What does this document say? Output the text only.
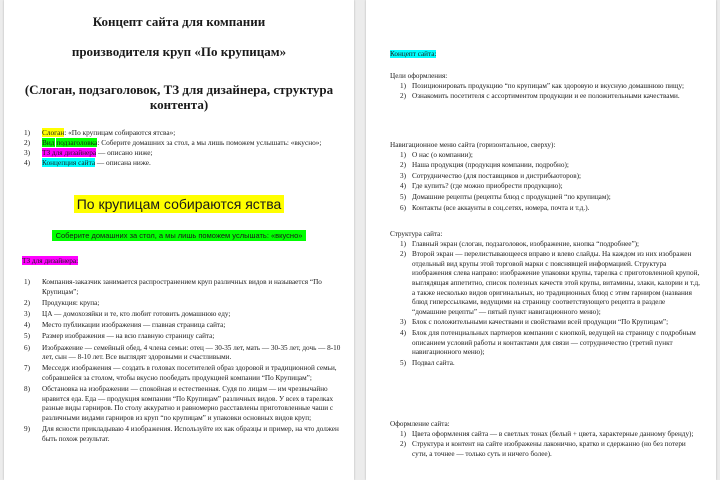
Концепт сайта для компании

производителя круп «По крупицам»

(Слоган, подзаголовок, ТЗ для дизайнера, структура

контента)

1) Слоган: «По крупицам собираются ятсва»;
2) Вид подзаголовка: Соберите домашних за стол, а мы лишь поможем услышать: «вкусно»;
3) ТЗ для дизайнера — описано ниже;
4) Концепция сайта — описана ниже.
По крупицам собираются яства
Соберите домашних за стол, а мы лишь поможем услышать: «вкусно»
ТЗ для дизайнера:
1) Компания-заказчик занимается распространением круп различных видов и называется “По Крупицам”;
2) Продукция: крупа;
3) ЦА — домохозяйки и те, кто любит готовить домашнюю еду;
4) Место публикации изображения — главная страница сайта;
5) Размер изображения — на всю главную страницу сайта;
6) Изображение — семейный обед, 4 члена семьи: отец — 30-35 лет, мать — 30-35 лет, дочь — 8-10 лет, сын — 8-10 лет. Все выглядят здоровыми и счастливыми.
7) Месседж изображения — создать в головах посетителей образ здоровой и традиционной семьи, собравшейся за столом, чтобы вкусно пообедать продукцией компании “По Крупицам”;
8) Обстановка на изображении — спокойная и естественная. Судя по лицам — им чрезвычайно нравится еда. Еда — продукция компании “По Крупицам” различных видов. У всех в тарелках разные виды гарниров. По столу аккуратно и равномерно расставлены приготовленные чаши с различными видами гарниров из круп “по крупицам” и упаковки основных видов круп;
9) Для ясности прикладываю 4 изображения. Используйте их как образцы и пример, на что должен быть похож результат.
Концепт сайта:

Цели оформления:

1) Позиционировать продукцию “по крупицам” как здоровую и вкусную домашнюю пищу;
2) Ознакомить посетителя с ассортиментом продукции и ее положительными качествами.

Навигационное меню сайта (горизонтальное, сверху):

1) О нас (о компании);
2) Наша продукция (продукция компании, подробно);
3) Сотрудничество (для поставщиков и дистрибьюторов);
4) Где купить? (где можно приобрести продукцию);
5) Домашние рецепты (рецепты блюд с продукцией “по крупицам);
6) Контакты (все аккаунты в соц.сетях, номера, почта и т.д.).

Структура сайта:

1) Главный экран (слоган, подзаголовок, изображение, кнопка “подробнее”);
2) Второй экран — перелистывающееся вправо и влево слайды. На каждом из них изображен отдельный вид крупы этой торговой марки с пояснявщей информацией. Структура изображения слева направо: изображение упаковки крупы, тарелка с приготовленной крупой, выглядящая аппетитно, список полезных качеств этой крупы, витамины, злаки, калории и т.д, а также несколько видов оригинальных, но традиционных блюд с этим гарниром (названия блюд гиперссылками, ведущими на страницу соответствующего рецепта в разделе “домашние рецепты” — пятый пункт навигационного меню);
3) Блок с положительными качествами и свойствами всей продукции “По Крупицам”;
4) Блок для потенциальных партнеров компании с кнопкой, ведущей на страницу с подробным описанием условий работы и контактами для связи — сотрудничество (третий пункт навигационного меню);
5) Подвал сайта.

Оформление сайта:

1) Цвета оформления сайта — в светлых тонах (белый + цвета, характерные данному бренду);
2) Структура и контент на сайте изображены лаконично, кратко и сдержанно (но без потери сути, а точнее — только суть и ничего более).
